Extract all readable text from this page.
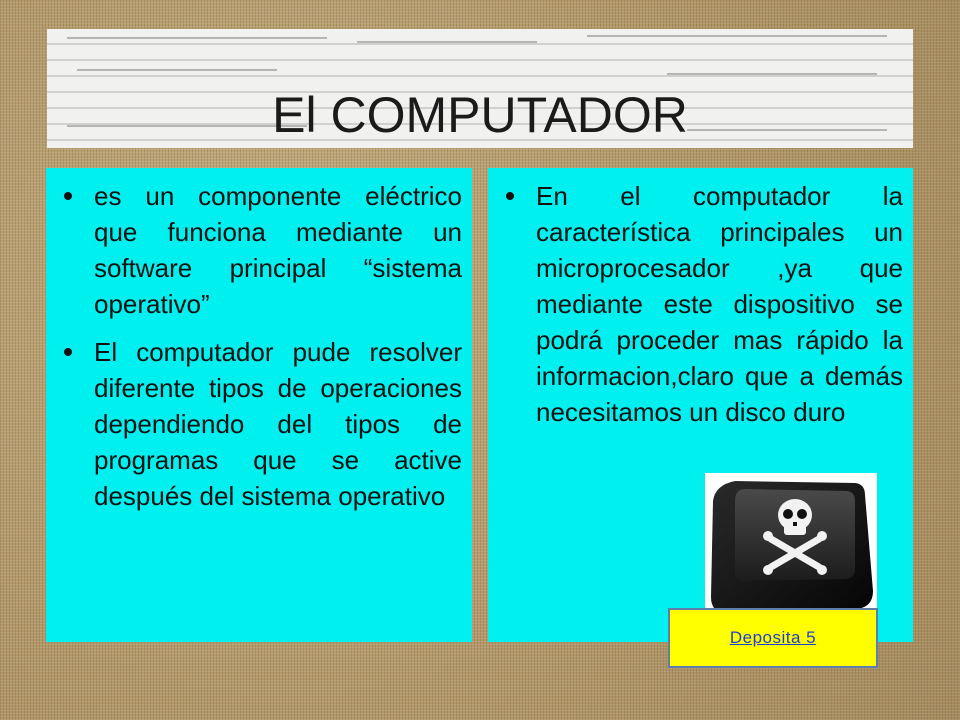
El COMPUTADOR
es un componente eléctrico que funciona mediante un software principal “sistema operativo”
El computador pude resolver diferente tipos de operaciones dependiendo del tipos de programas que se active después del sistema operativo
En el computador la característica principales un microprocesador ,ya que mediante este dispositivo se podrá proceder mas rápido la informacion,claro que a demás necesitamos un disco duro
Deposita 5
